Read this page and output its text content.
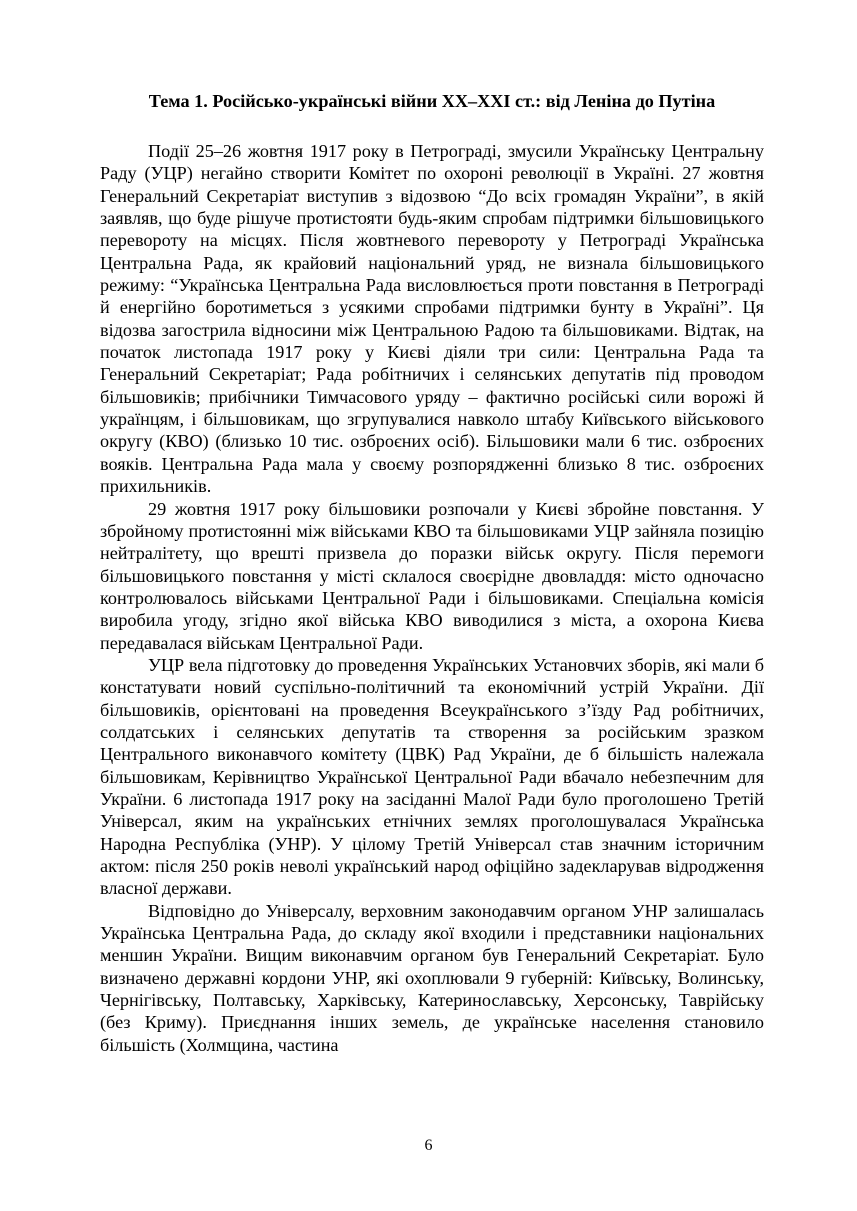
Тема 1. Російсько-українські війни XX–XXI ст.: від Леніна до Путіна

Події 25–26 жовтня 1917 року в Петрограді, змусили Українську Центральну Раду (УЦР) негайно створити Комітет по охороні революції в Україні. 27 жовтня Генеральний Секретаріат виступив з відозвою “До всіх громадян України”, в якій заявляв, що буде рішуче протистояти будь-яким спробам підтримки більшовицького перевороту на місцях. Після жовтневого перевороту у Петрограді Українська Центральна Рада, як крайовий національний уряд, не визнала більшовицького режиму: “Українська Центральна Рада висловлюється проти повстання в Петрограді й енергійно боротиметься з усякими спробами підтримки бунту в Україні”. Ця відозва загострила відносини між Центральною Радою та більшовиками. Відтак, на початок листопада 1917 року у Києві діяли три сили: Центральна Рада та Генеральний Секретаріат; Рада робітничих і селянських депутатів під проводом більшовиків; прибічники Тимчасового уряду – фактично російські сили ворожі й українцям, і більшовикам, що згрупувалися навколо штабу Київського військового округу (КВО) (близько 10 тис. озброєних осіб). Більшовики мали 6 тис. озброєних вояків. Центральна Рада мала у своєму розпорядженні близько 8 тис. озброєних прихильників.

29 жовтня 1917 року більшовики розпочали у Києві збройне повстання. У збройному протистоянні між військами КВО та більшовиками УЦР зайняла позицію нейтралітету, що врешті призвела до поразки військ округу. Після перемоги більшовицького повстання у місті склалося своєрідне двовладдя: місто одночасно контролювалось військами Центральної Ради і більшовиками. Спеціальна комісія виробила угоду, згідно якої війська КВО виводилися з міста, а охорона Києва передавалася військам Центральної Ради.

УЦР вела підготовку до проведення Українських Установчих зборів, які мали б констатувати новий суспільно-політичний та економічний устрій України. Дії більшовиків, орієнтовані на проведення Всеукраїнського з’їзду Рад робітничих, солдатських і селянських депутатів та створення за російським зразком Центрального виконавчого комітету (ЦВК) Рад України, де б більшість належала більшовикам, Керівництво Української Центральної Ради вбачало небезпечним для України. 6 листопада 1917 року на засіданні Малої Ради було проголошено Третій Універсал, яким на українських етнічних землях проголошувалася Українська Народна Республіка (УНР). У цілому Третій Універсал став значним історичним актом: після 250 років неволі український народ офіційно задекларував відродження власної держави.

Відповідно до Універсалу, верховним законодавчим органом УНР залишалась Українська Центральна Рада, до складу якої входили і представники національних меншин України. Вищим виконавчим органом був Генеральний Секретаріат. Було визначено державні кордони УНР, які охоплювали 9 губерній: Київську, Волинську, Чернігівську, Полтавську, Харківську, Катеринославську, Херсонську, Таврійську (без Криму). Приєднання інших земель, де українське населення становило більшість (Холмщина, частина

6
